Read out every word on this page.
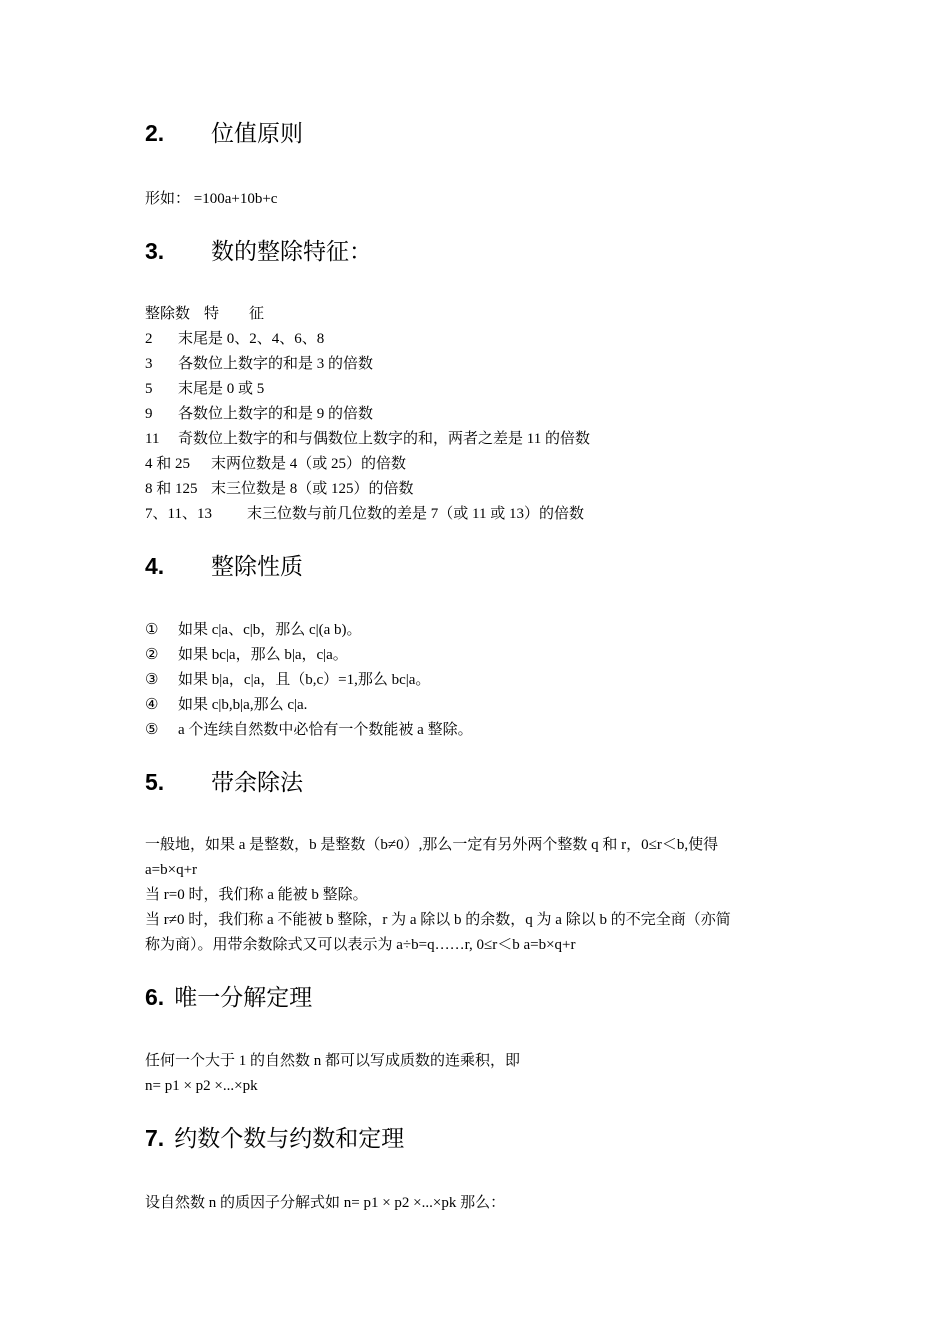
2. 位值原则
形如： =100a+10b+c
3. 数的整除特征：
整除数 特 征
2 末尾是 0、2、4、6、8
3 各数位上数字的和是 3 的倍数
5 末尾是 0 或 5
9 各数位上数字的和是 9 的倍数
11 奇数位上数字的和与偶数位上数字的和，两者之差是 11 的倍数
4 和 25 末两位数是 4（或 25）的倍数
8 和 125 末三位数是 8（或 125）的倍数
7、11、13 末三位数与前几位数的差是 7（或 11 或 13）的倍数
4. 整除性质
① 如果 c|a、c|b，那么 c|(a b)。
② 如果 bc|a，那么 b|a，c|a。
③ 如果 b|a，c|a，且（b,c）=1,那么 bc|a。
④ 如果 c|b,b|a,那么 c|a.
⑤ a 个连续自然数中必恰有一个数能被 a 整除。
5. 带余除法
一般地，如果 a 是整数，b 是整数（b≠0）,那么一定有另外两个整数 q 和 r，0≤r＜b,使得
a=b×q+r
当 r=0 时，我们称 a 能被 b 整除。
当 r≠0 时，我们称 a 不能被 b 整除，r 为 a 除以 b 的余数，q 为 a 除以 b 的不完全商（亦简
称为商）。用带余数除式又可以表示为 a÷b=q……r, 0≤r＜b a=b×q+r
6. 唯一分解定理
任何一个大于 1 的自然数 n 都可以写成质数的连乘积，即
n= p1 × p2 ×...×pk
7. 约数个数与约数和定理
设自然数 n 的质因子分解式如 n= p1 × p2 ×...×pk 那么：
